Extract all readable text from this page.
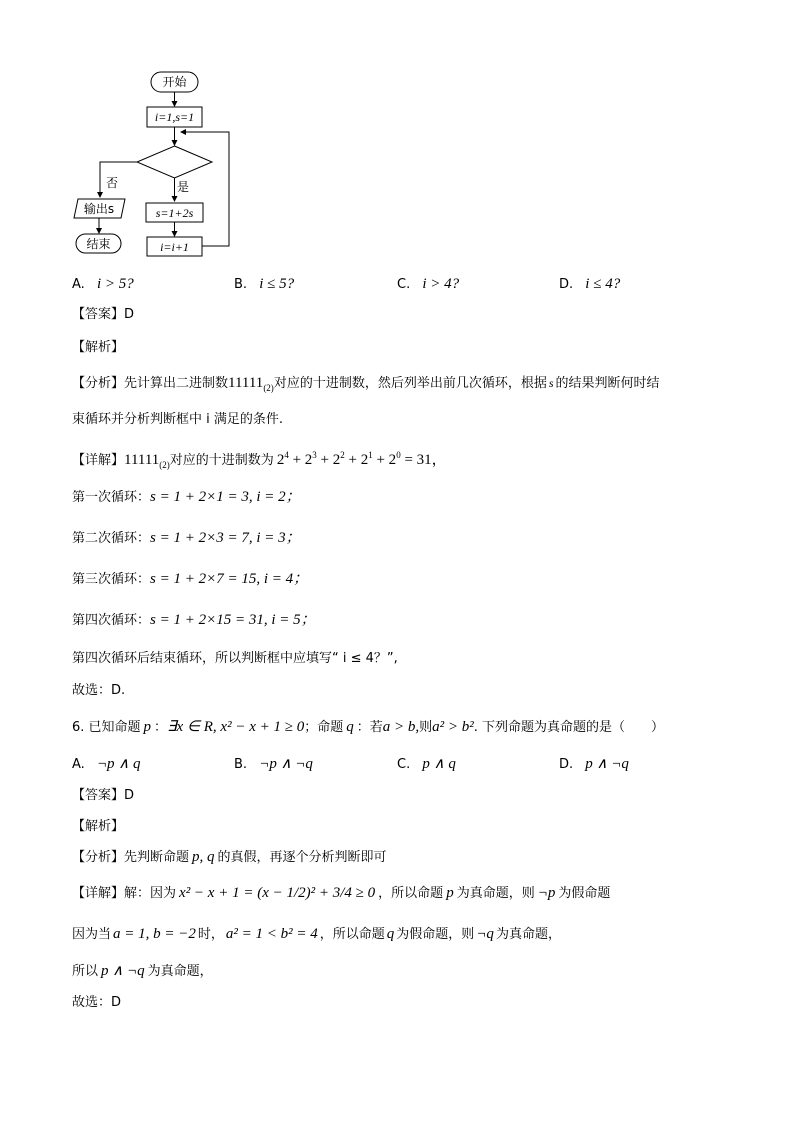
开始
i=1,s=1
否	是
输出s
结束
s=1+2s
i=i+1
A. i > 5?	B. i ≤ 5?	C. i > 4?	D. i ≤ 4?
【答案】D
【解析】
【分析】先计算出二进制数$11111_{(2)}$对应的十进制数，然后列举出前几次循环，根据 s 的结果判断何时结
束循环并分析判断框中 i 满足的条件.
【详解】$11111_{(2)}$对应的十进制数为 $2^4 + 2^3 + 2^2 + 2^1 + 2^0 = 31$，
第一次循环：s = 1 + 2×1 = 3, i = 2；
第二次循环：s = 1 + 2×3 = 7, i = 3；
第三次循环：s = 1 + 2×7 = 15, i = 4；
第四次循环：s = 1 + 2×15 = 31, i = 5；
第四次循环后结束循环，所以判断框中应填写“ i ≤ 4？”,
故选：D.
6. 已知命题 p ：∃x ∈ R, x² − x + 1 ≥ 0；命题 q ：若a > b,则a² > b². 下列命题为真命题的是（　　）
A. ¬p ∧ q	B. ¬p ∧ ¬q	C. p ∧ q	D. p ∧ ¬q
【答案】D
【解析】
【分析】先判断命题 p, q 的真假，再逐个分析判断即可
【详解】解：因为 x² − x + 1 = (x − 1/2)² + 3/4 ≥ 0 ，所以命题 p 为真命题，则 ¬p 为假命题
因为当 a = 1, b = −2 时， a² = 1 < b² = 4 ，所以命题 q 为假命题，则 ¬q 为真命题，
所以 p ∧ ¬q 为真命题，
故选：D
